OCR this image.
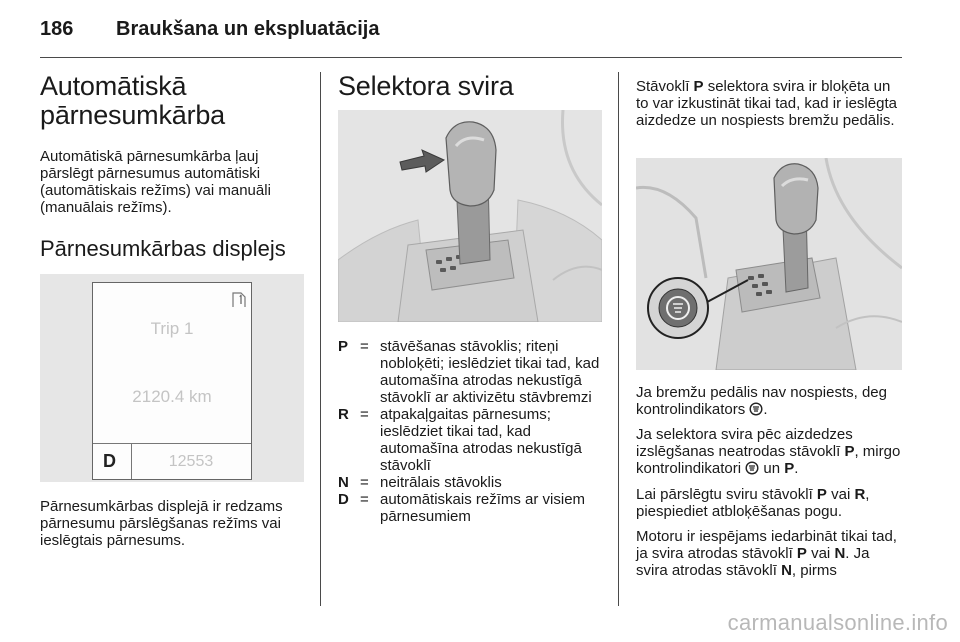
186 Braukšana un ekspluatācija
Automātiskā
pārnesumkārba

Automātiskā pārnesumkārba ļauj pārslēgt pārnesumus automātiski (automātiskais režīms) vai manuāli (manuālais režīms).

Pārnesumkārbas displejs
Trip 1
2120.4 km
D	12553

Pārnesumkārbas displejā ir redzams pārnesumu pārslēgšanas režīms vai ieslēgtais pārnesums.

Selektora svira
P = stāvēšanas stāvoklis; riteņi nobloķēti; ieslēdziet tikai tad, kad automašīna atrodas nekustīgā stāvoklī ar aktivizētu stāvbremzi
R = atpakaļgaitas pārnesums; ieslēdziet tikai tad, kad automašīna atrodas nekustīgā stāvoklī
N = neitrālais stāvoklis
D = automātiskais režīms ar visiem pārnesumiem

Stāvoklī P selektora svira ir bloķēta un to var izkustināt tikai tad, kad ir ieslēgta aizdedze un nospiests bremžu pedālis.

Ja bremžu pedālis nav nospiests, deg kontrolindikators .

Ja selektora svira pēc aizdedzes izslēgšanas neatrodas stāvoklī P, mirgo kontrolindikatori  un P.

Lai pārslēgtu sviru stāvoklī P vai R, piespiediet atbloķēšanas pogu.

Motoru ir iespējams iedarbināt tikai tad, ja svira atrodas stāvoklī P vai N. Ja svira atrodas stāvoklī N, pirms

carmanualsonline.info
